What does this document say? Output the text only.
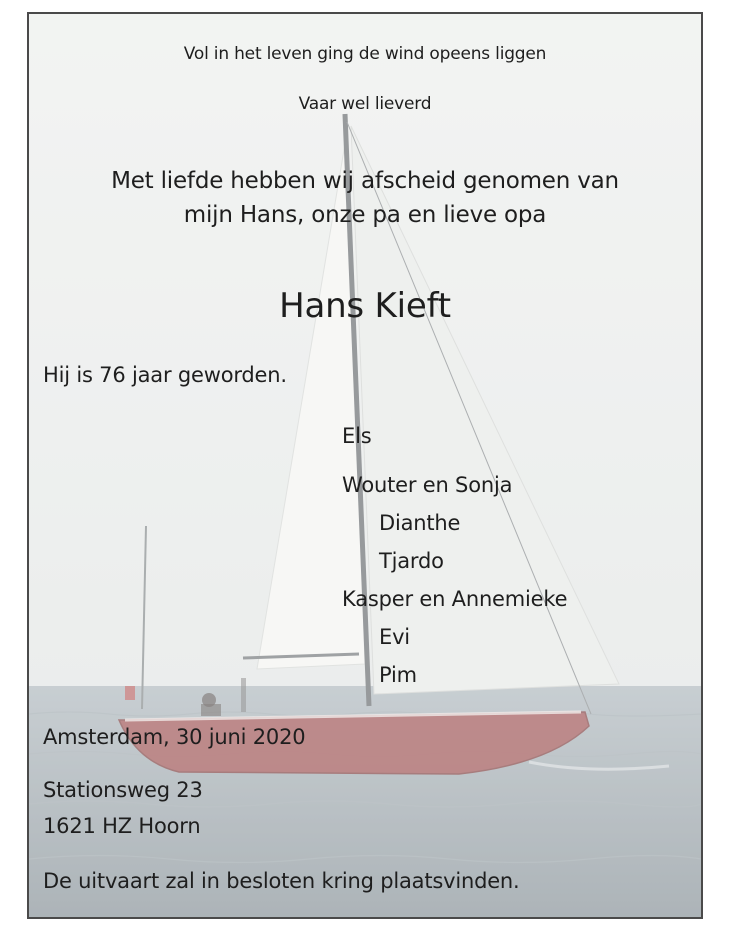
Vol in het leven ging de wind opeens liggen
Vaar wel lieverd
Met liefde hebben wij afscheid genomen van
mijn Hans, onze pa en lieve opa
Hans Kieft
Hij is 76 jaar geworden.
Els
Wouter en Sonja
Dianthe
Tjardo
Kasper en Annemieke
Evi
Pim
Amsterdam, 30 juni 2020
Stationsweg 23
1621 HZ Hoorn
De uitvaart zal in besloten kring plaatsvinden.
